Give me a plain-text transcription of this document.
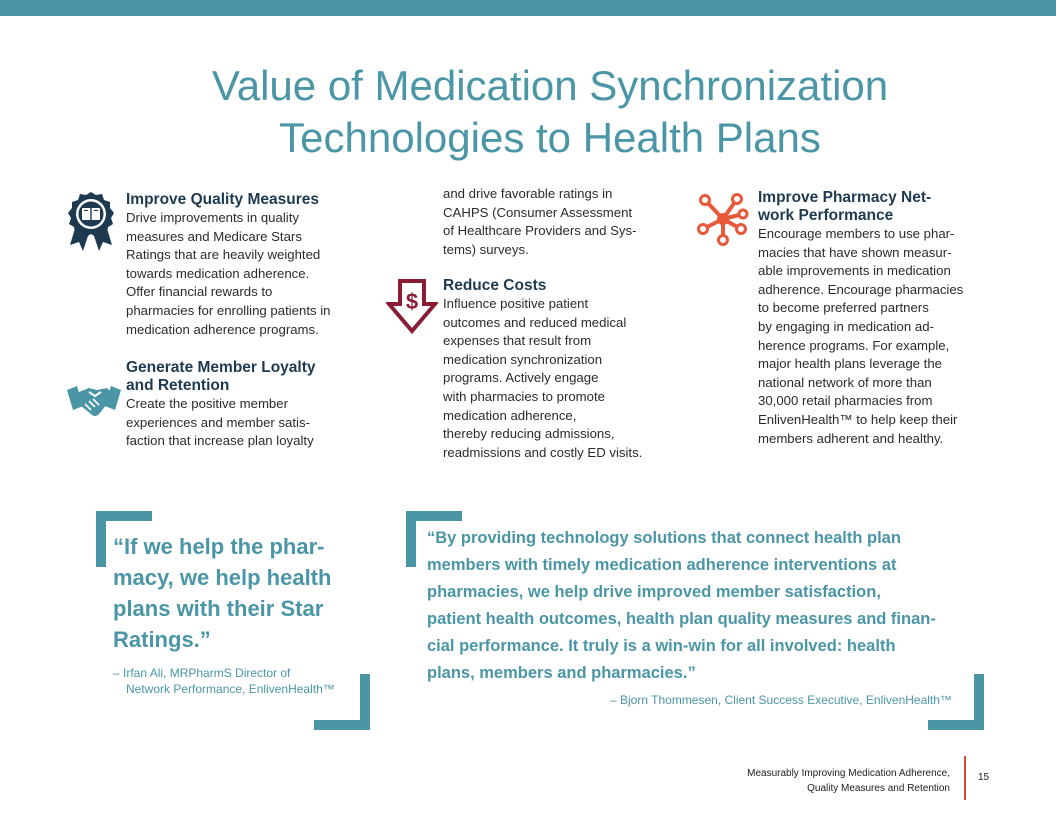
Value of Medication Synchronization
Technologies to Health Plans
Improve Quality Measures

Drive improvements in quality
measures and Medicare Stars
Ratings that are heavily weighted
towards medication adherence.
Offer financial rewards to
pharmacies for enrolling patients in
medication adherence programs.

Generate Member Loyalty
and Retention

Create the positive member
experiences and member satis-
faction that increase plan loyalty

and drive favorable ratings in
CAHPS (Consumer Assessment
of Healthcare Providers and Sys-
tems) surveys.

$
Reduce Costs

Influence positive patient
outcomes and reduced medical
expenses that result from
medication synchronization
programs. Actively engage
with pharmacies to promote
medication adherence,
thereby reducing admissions,
readmissions and costly ED visits.

Improve Pharmacy Net-
work Performance

Encourage members to use phar-
macies that have shown measur-
able improvements in medication
adherence. Encourage pharmacies
to become preferred partners
by engaging in medication ad-
herence programs. For example,
major health plans leverage the
national network of more than
30,000 retail pharmacies from
EnlivenHealth™ to help keep their
members adherent and healthy.

“If we help the phar-
macy, we help health
plans with their Star
Ratings.”
– Irfan Ali, MRPharmS Director of
Network Performance, EnlivenHealth™
“By providing technology solutions that connect health plan
members with timely medication adherence interventions at
pharmacies, we help drive improved member satisfaction,
patient health outcomes, health plan quality measures and finan-
cial performance. It truly is a win-win for all involved: health
plans, members and pharmacies.”
– Bjorn Thommesen, Client Success Executive, EnlivenHealth™
Measurably Improving Medication Adherence,
Quality Measures and Retention
15
